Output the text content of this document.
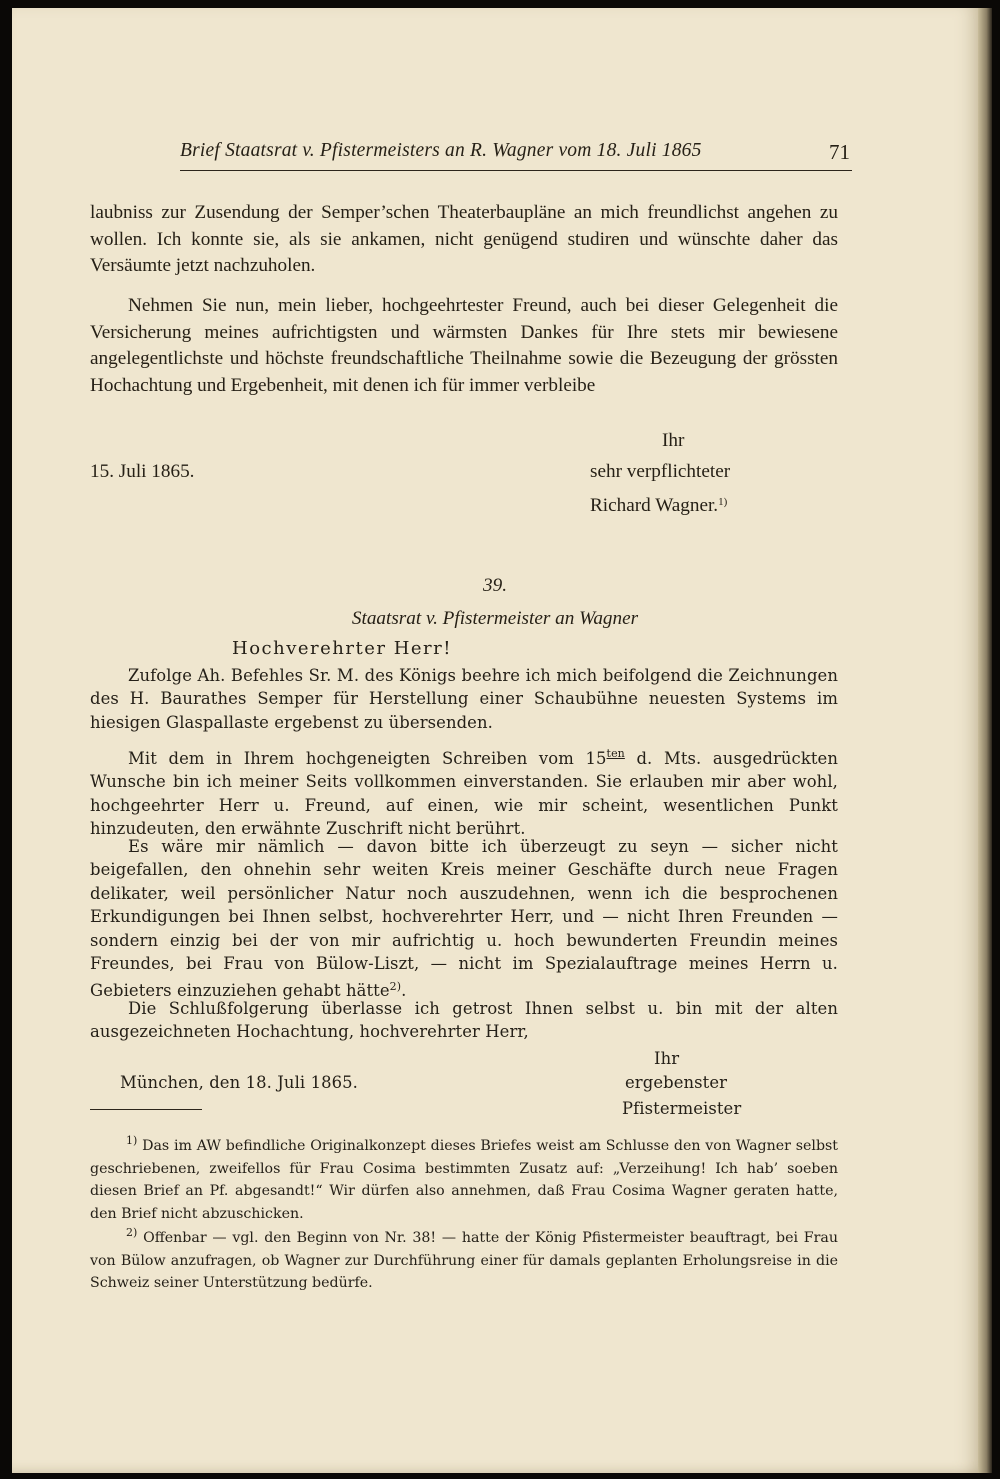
Brief Staatsrat v. Pfistermeisters an R. Wagner vom 18. Juli 1865	71
laubniss zur Zusendung der Semper’schen Theaterbaupläne an mich freundlichst angehen zu wollen. Ich konnte sie, als sie ankamen, nicht genügend studiren und wünschte daher das Versäumte jetzt nachzuholen.
Nehmen Sie nun, mein lieber, hochgeehrtester Freund, auch bei dieser Gelegenheit die Versicherung meines aufrichtigsten und wärmsten Dankes für Ihre stets mir bewiesene angelegentlichste und höchste freundschaftliche Theilnahme sowie die Bezeugung der grössten Hochachtung und Ergebenheit, mit denen ich für immer verbleibe
Ihr
15. Juli 1865.	sehr verpflichteter
Richard Wagner.$^{1)}$
39.
Staatsrat v. Pfistermeister an Wagner
Hochverehrter Herr!
Zufolge Ah. Befehles Sr. M. des Königs beehre ich mich beifolgend die Zeichnungen des H. Baurathes Semper für Herstellung einer Schaubühne neuesten Systems im hiesigen Glaspallaste ergebenst zu übersenden.
Mit dem in Ihrem hochgeneigten Schreiben vom $15^{ten}$ d. Mts. ausgedrückten Wunsche bin ich meiner Seits vollkommen einverstanden. Sie erlauben mir aber wohl, hochgeehrter Herr u. Freund, auf einen, wie mir scheint, wesentlichen Punkt hinzudeuten, den erwähnte Zuschrift nicht berührt.
Es wäre mir nämlich — davon bitte ich überzeugt zu seyn — sicher nicht beigefallen, den ohnehin sehr weiten Kreis meiner Geschäfte durch neue Fragen delikater, weil persönlicher Natur noch auszudehnen, wenn ich die besprochenen Erkundigungen bei Ihnen selbst, hochverehrter Herr, und — nicht Ihren Freunden — sondern einzig bei der von mir aufrichtig u. hoch bewunderten Freundin meines Freundes, bei Frau von Bülow-Liszt, — nicht im Spezialauftrage meines Herrn u. Gebieters einzuziehen gehabt hätte$^{2)}$.
Die Schlußfolgerung überlasse ich getrost Ihnen selbst u. bin mit der alten ausgezeichneten Hochachtung, hochverehrter Herr,
Ihr
München, den 18. Juli 1865.	ergebenster
Pfistermeister
$^{1)}$ Das im AW befindliche Originalkonzept dieses Briefes weist am Schlusse den von Wagner selbst geschriebenen, zweifellos für Frau Cosima bestimmten Zusatz auf: „Verzeihung! Ich hab’ soeben diesen Brief an Pf. abgesandt!“ Wir dürfen also annehmen, daß Frau Cosima Wagner geraten hatte, den Brief nicht abzuschicken.
$^{2)}$ Offenbar — vgl. den Beginn von Nr. 38! — hatte der König Pfistermeister beauftragt, bei Frau von Bülow anzufragen, ob Wagner zur Durchführung einer für damals geplanten Erholungsreise in die Schweiz seiner Unterstützung bedürfe.
